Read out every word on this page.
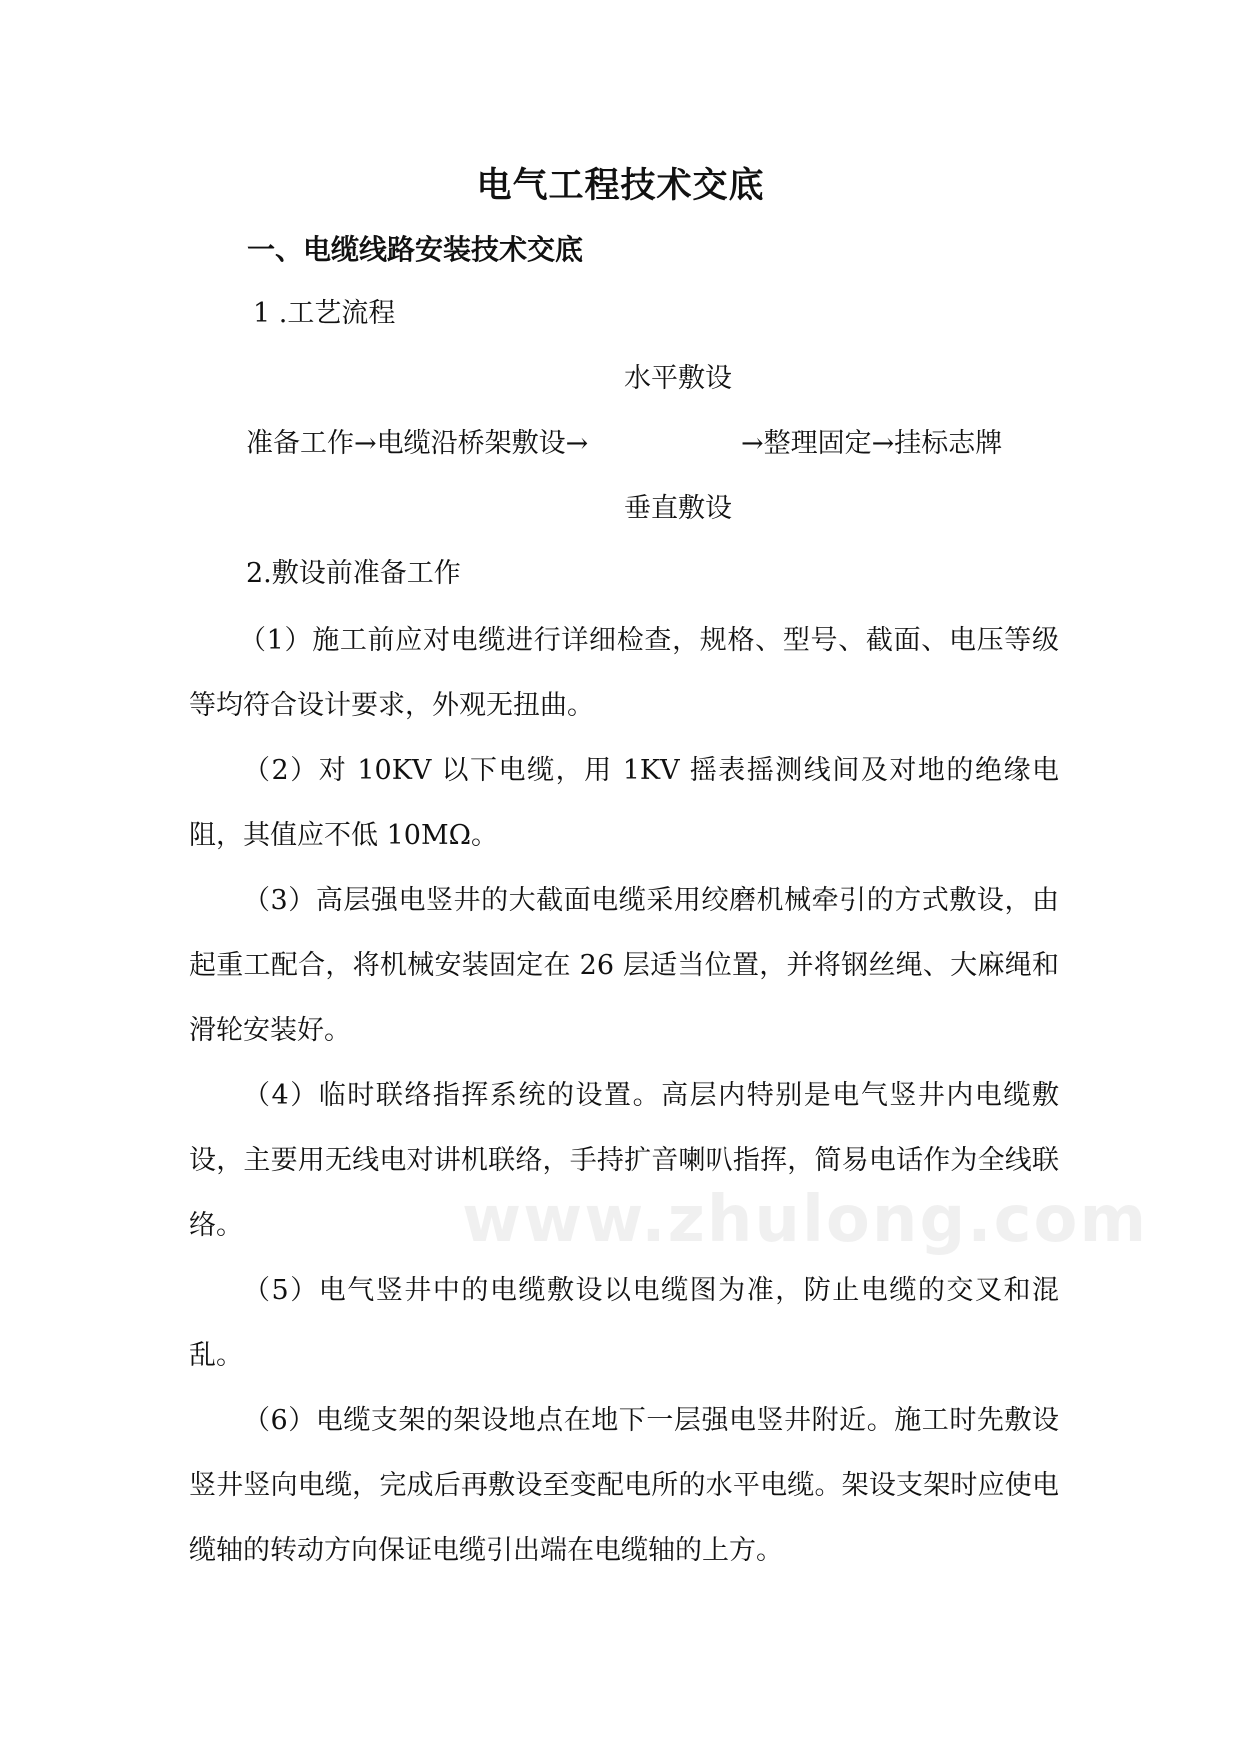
电气工程技术交底
一、电缆线路安装技术交底
1 .工艺流程
水平敷设
准备工作→电缆沿桥架敷设→	→整理固定→挂标志牌
垂直敷设
2.敷设前准备工作

（1）施工前应对电缆进行详细检查，规格、型号、截面、电压等级等均符合设计要求，外观无扭曲。

（2）对 10KV 以下电缆，用 1KV 摇表摇测线间及对地的绝缘电阻，其值应不低 10MΩ。

（3）高层强电竖井的大截面电缆采用绞磨机械牵引的方式敷设，由起重工配合，将机械安装固定在 26 层适当位置，并将钢丝绳、大麻绳和滑轮安装好。

（4）临时联络指挥系统的设置。高层内特别是电气竖井内电缆敷设，主要用无线电对讲机联络，手持扩音喇叭指挥，简易电话作为全线联络。

（5）电气竖井中的电缆敷设以电缆图为准，防止电缆的交叉和混乱。

（6）电缆支架的架设地点在地下一层强电竖井附近。施工时先敷设竖井竖向电缆，完成后再敷设至变配电所的水平电缆。架设支架时应使电缆轴的转动方向保证电缆引出端在电缆轴的上方。

www.zhulong.com
